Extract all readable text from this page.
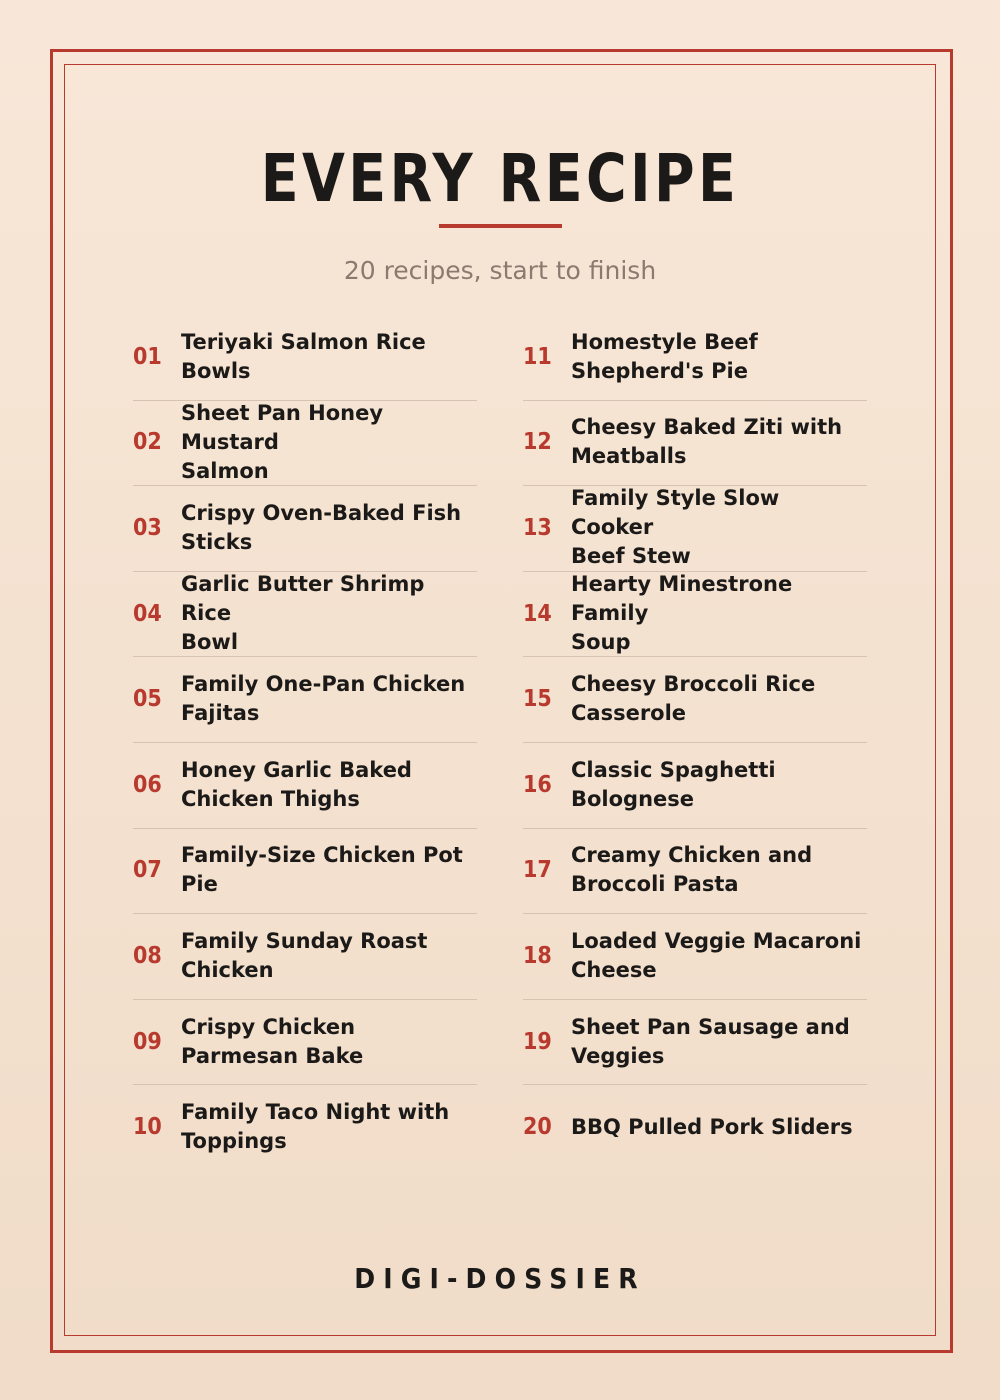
EVERY RECIPE
20 recipes, start to finish
01
Teriyaki Salmon Rice
Bowls
02
Sheet Pan Honey Mustard
Salmon
03
Crispy Oven-Baked Fish
Sticks
04
Garlic Butter Shrimp Rice
Bowl
05
Family One-Pan Chicken
Fajitas
06
Honey Garlic Baked
Chicken Thighs
07
Family-Size Chicken Pot
Pie
08
Family Sunday Roast
Chicken
09
Crispy Chicken
Parmesan Bake
10
Family Taco Night with
Toppings
11
Homestyle Beef
Shepherd's Pie
12
Cheesy Baked Ziti with
Meatballs
13
Family Style Slow Cooker
Beef Stew
14
Hearty Minestrone Family
Soup
15
Cheesy Broccoli Rice
Casserole
16
Classic Spaghetti
Bolognese
17
Creamy Chicken and
Broccoli Pasta
18
Loaded Veggie Macaroni
Cheese
19
Sheet Pan Sausage and
Veggies
20 BBQ Pulled Pork Sliders
DIGI-DOSSIER
